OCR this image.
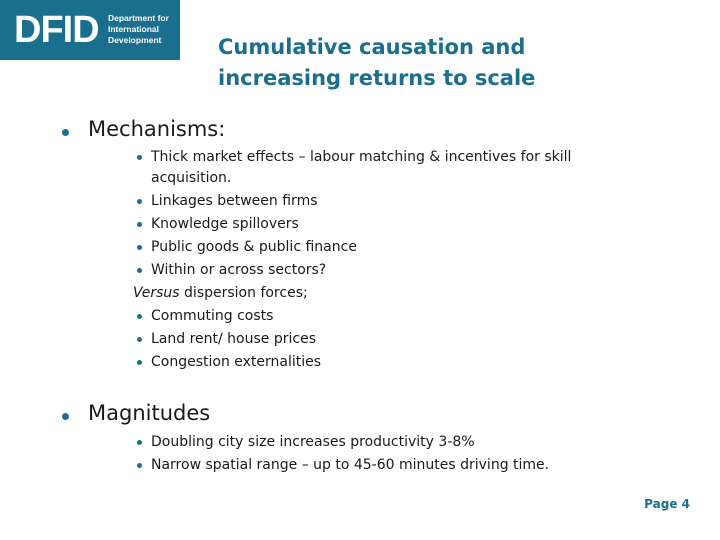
DFID Department for
International
Development	Cumulative causation and
increasing returns to scale
Mechanisms:
Thick market effects – labour matching & incentives for skill
acquisition.
Linkages between firms
Knowledge spillovers
Public goods & public finance
Within or across sectors?
Versus dispersion forces;
Commuting costs
Land rent/ house prices
Congestion externalities
Magnitudes
Doubling city size increases productivity 3-8%
Narrow spatial range – up to 45-60 minutes driving time.
Page 4
